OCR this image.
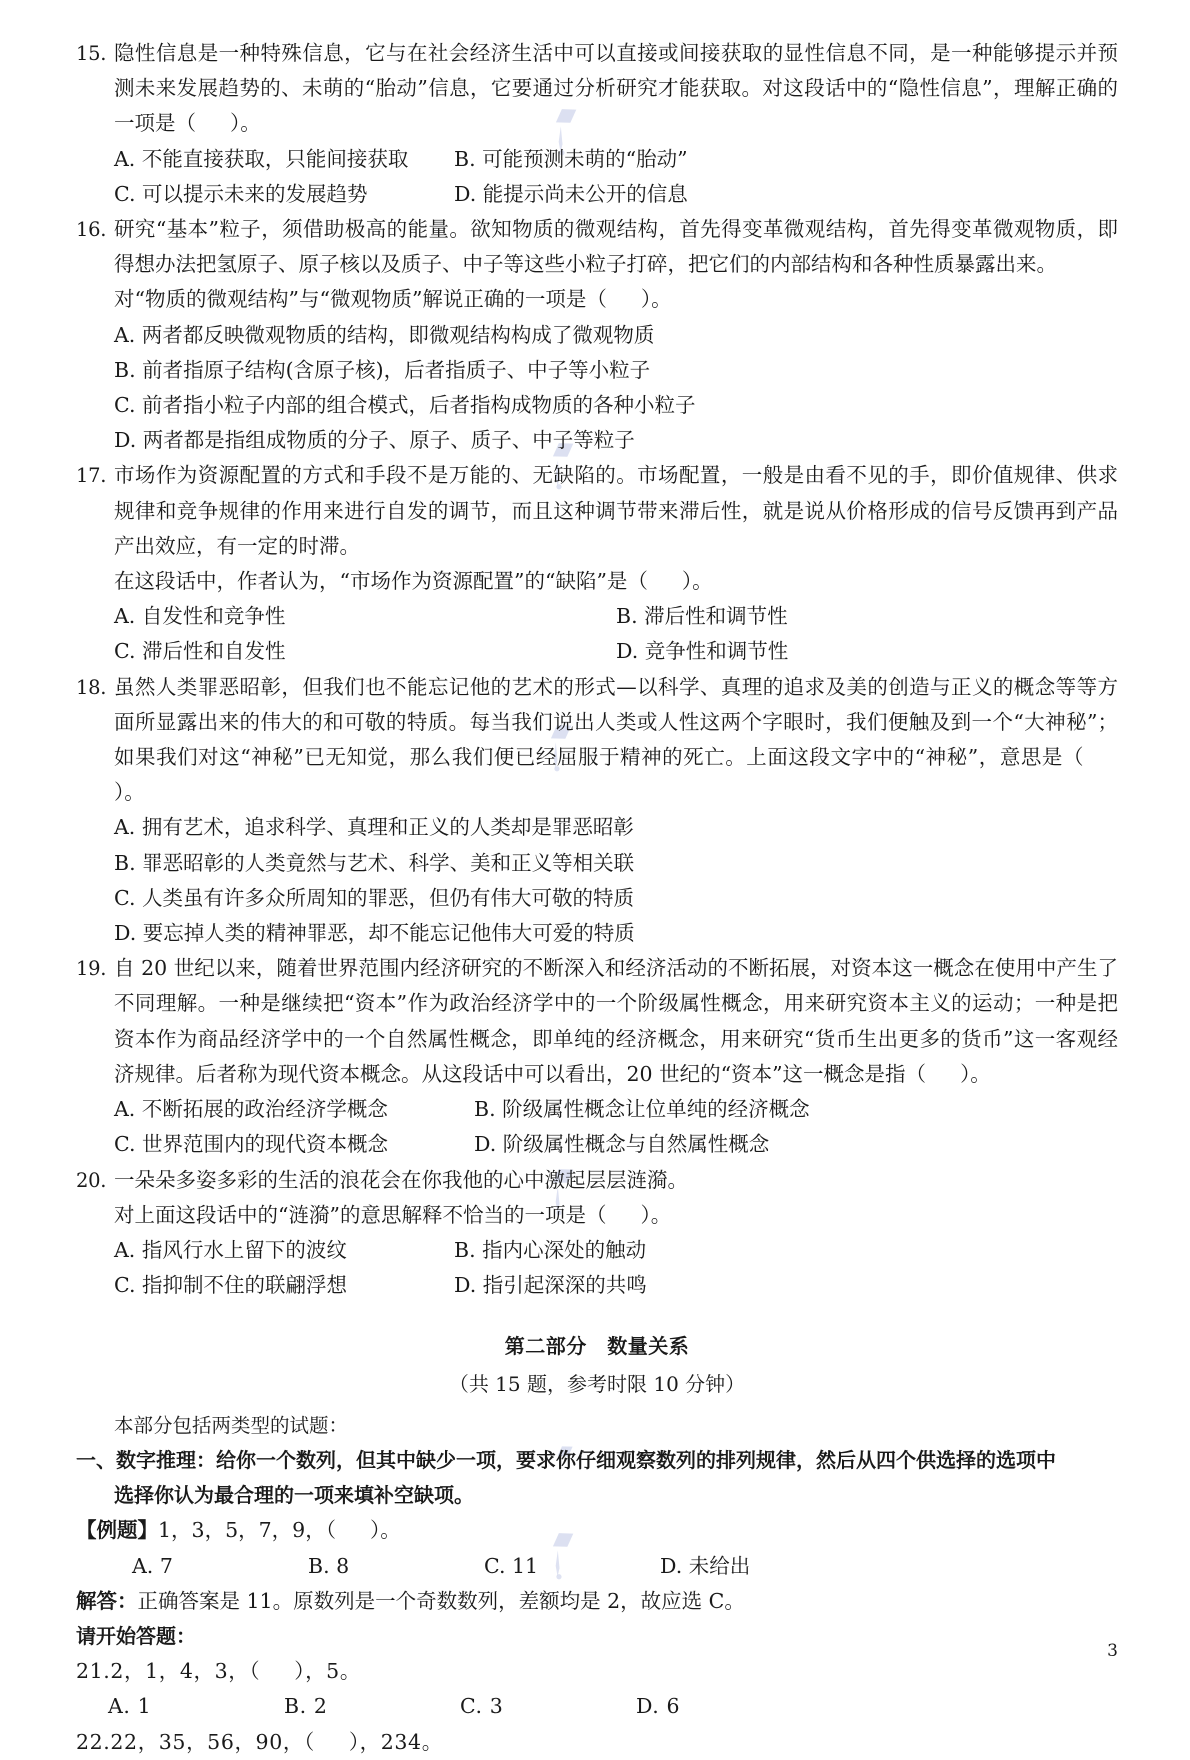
15. 隐性信息是一种特殊信息，它与在社会经济生活中可以直接或间接获取的显性信息不同，是一种能够提示并预测未来发展趋势的、未萌的“胎动”信息，它要通过分析研究才能获取。对这段话中的“隐性信息”，理解正确的一项是（ ）。
A. 不能直接获取，只能间接获取	B. 可能预测未萌的“胎动”
C. 可以提示未来的发展趋势	D. 能提示尚未公开的信息
16. 研究“基本”粒子，须借助极高的能量。欲知物质的微观结构，首先得变革微观结构，首先得变革微观物质，即得想办法把氢原子、原子核以及质子、中子等这些小粒子打碎，把它们的内部结构和各种性质暴露出来。
对“物质的微观结构”与“微观物质”解说正确的一项是（ ）。
A. 两者都反映微观物质的结构，即微观结构构成了微观物质
B. 前者指原子结构(含原子核)，后者指质子、中子等小粒子
C. 前者指小粒子内部的组合模式，后者指构成物质的各种小粒子
D. 两者都是指组成物质的分子、原子、质子、中子等粒子
17. 市场作为资源配置的方式和手段不是万能的、无缺陷的。市场配置，一般是由看不见的手，即价值规律、供求规律和竞争规律的作用来进行自发的调节，而且这种调节带来滞后性，就是说从价格形成的信号反馈再到产品产出效应，有一定的时滞。
在这段话中，作者认为，“市场作为资源配置”的“缺陷”是（ ）。
A. 自发性和竞争性	B. 滞后性和调节性
C. 滞后性和自发性	D. 竞争性和调节性
18. 虽然人类罪恶昭彰，但我们也不能忘记他的艺术的形式—以科学、真理的追求及美的创造与正义的概念等等方面所显露出来的伟大的和可敬的特质。每当我们说出人类或人性这两个字眼时，我们便触及到一个“大神秘”；如果我们对这“神秘”已无知觉，那么我们便已经屈服于精神的死亡。上面这段文字中的“神秘”，意思是（）。
A. 拥有艺术，追求科学、真理和正义的人类却是罪恶昭彰
B. 罪恶昭彰的人类竟然与艺术、科学、美和正义等相关联
C. 人类虽有许多众所周知的罪恶，但仍有伟大可敬的特质
D. 要忘掉人类的精神罪恶，却不能忘记他伟大可爱的特质
19. 自 20 世纪以来，随着世界范围内经济研究的不断深入和经济活动的不断拓展，对资本这一概念在使用中产生了不同理解。一种是继续把“资本”作为政治经济学中的一个阶级属性概念，用来研究资本主义的运动；一种是把资本作为商品经济学中的一个自然属性概念，即单纯的经济概念，用来研究“货币生出更多的货币”这一客观经济规律。后者称为现代资本概念。从这段话中可以看出，20 世纪的“资本”这一概念是指（ ）。
A. 不断拓展的政治经济学概念	B. 阶级属性概念让位单纯的经济概念
C. 世界范围内的现代资本概念	D. 阶级属性概念与自然属性概念
20. 一朵朵多姿多彩的生活的浪花会在你我他的心中激起层层涟漪。
对上面这段话中的“涟漪”的意思解释不恰当的一项是（ ）。
A. 指风行水上留下的波纹	B. 指内心深处的触动
C. 指抑制不住的联翩浮想	D. 指引起深深的共鸣
第二部分　数量关系
（共 15 题，参考时限 10 分钟）
本部分包括两类型的试题：
一、数字推理：给你一个数列，但其中缺少一项，要求你仔细观察数列的排列规律，然后从四个供选择的选项中
选择你认为最合理的一项来填补空缺项。
【例题】1，3，5，7，9，（ ）。
A. 7	B. 8	C. 11	D. 未给出
解答：正确答案是 11。原数列是一个奇数数列，差额均是 2，故应选 C。
请开始答题：
21.2，1，4，3，（ ），5。
A. 1	B. 2	C. 3	D. 6
22.22，35，56，90，（ ），234。
3
